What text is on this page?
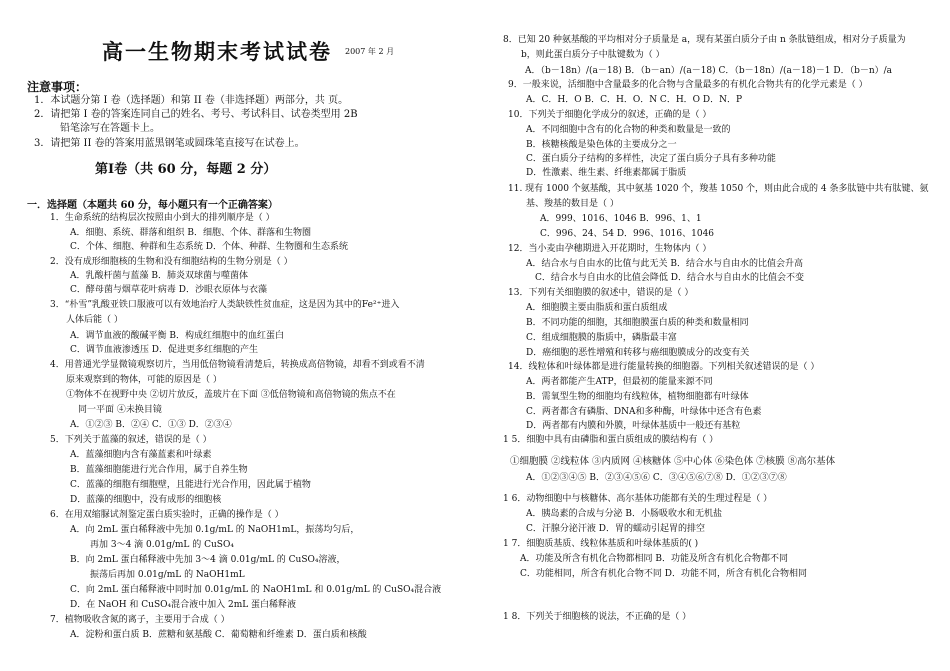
高一生物期末考试试卷 2007 年 2 月
注意事项：
1．本试题分第 I 卷（选择题）和第 II 卷（非选择题）两部分，共 页。
2．请把第 I 卷的答案连同自己的姓名、考号、考试科目、试卷类型用 2B
铅笔涂写在答题卡上。
3．请把第 II 卷的答案用蓝黑钢笔或圆珠笔直接写在试卷上。
第Ⅰ卷（共 60 分，每题 2 分）
一．选择题（本题共 60 分，每小题只有一个正确答案）
1．生命系统的结构层次按照由小到大的排列顺序是（ ）
A．细胞、系统、群落和组织 B．细胞、个体、群落和生物圈
C．个体、细胞、种群和生态系统 D．个体、种群、生物圈和生态系统
2．没有成形细胞核的生物和没有细胞结构的生物分别是（ ）
A．乳酸杆菌与蓝藻 B．肺炎双球菌与噬菌体
C．酵母菌与烟草花叶病毒 D．沙眼衣原体与衣藻
3．“朴雪”乳酸亚铁口服液可以有效地治疗人类缺铁性贫血症，这是因为其中的Fe²⁺进入
人体后能（ ）
A．调节血液的酸碱平衡 B．构成红细胞中的血红蛋白
C．调节血液渗透压 D．促进更多红细胞的产生
4．用普通光学显微镜观察切片，当用低倍物镜看清楚后，转换成高倍物镜，却看不到或看不清
原来观察到的物体，可能的原因是（ ）
①物体不在视野中央 ②切片放反，盖玻片在下面 ③低倍物镜和高倍物镜的焦点不在
同一平面 ④未换目镜
A．①②③ B．②④ C．①③ D．②③④
5．下列关于蓝藻的叙述，错误的是（ ）
A．蓝藻细胞内含有藻蓝素和叶绿素
B．蓝藻细胞能进行光合作用，属于自养生物
C．蓝藻的细胞有细胞壁，且能进行光合作用，因此属于植物
D．蓝藻的细胞中，没有成形的细胞核
6．在用双缩脲试剂鉴定蛋白质实验时，正确的操作是（ ）
A．向 2mL 蛋白稀释液中先加 0.1g/mL 的 NaOH1mL，振荡均匀后，
再加 3～4 滴 0.01g/mL 的 CuSO₄
B．向 2mL 蛋白稀释液中先加 3～4 滴 0.01g/mL 的 CuSO₄溶液，
振荡后再加 0.01g/mL 的 NaOH1mL
C．向 2mL 蛋白稀释液中同时加 0.01g/mL 的 NaOH1mL 和 0.01g/mL 的 CuSO₄混合液
D．在 NaOH 和 CuSO₄混合液中加入 2mL 蛋白稀释液
7．植物吸收含氮的离子，主要用于合成（ ）
A．淀粉和蛋白质 B．蔗糖和氨基酸 C．葡萄糖和纤维素 D．蛋白质和核酸
8．已知 20 种氨基酸的平均相对分子质量是 a，现有某蛋白质分子由 n 条肽链组成，相对分子质量为
b，则此蛋白质分子中肽键数为（ ）
A．（b－18n）/(a－18) B．（b－an）/(a－18) C．（b－18n）/(a－18)－1 D．（b－n）/a
9．一般来说，活细胞中含量最多的化合物与含量最多的有机化合物共有的化学元素是（ ）
A．C．H．O B．C．H．O．N C．H．O D．N．P
10．下列关于细胞化学成分的叙述，正确的是（ ）
A．不同细胞中含有的化合物的种类和数量是一致的
B．核糖核酸是染色体的主要成分之一
C．蛋白质分子结构的多样性，决定了蛋白质分子具有多种功能
D．性激素、维生素、纤维素都属于脂质
11. 现有 1000 个氨基酸，其中氨基 1020 个，羧基 1050 个，则由此合成的 4 条多肽链中共有肽键、氨
基、羧基的数目是（ ）
A．999、1016、1046 B．996、1、1
C．996、24、54 D．996、1016、1046
12．当小麦由孕穗期进入开花期时，生物体内（ ）
A．结合水与自由水的比值与此无关 B．结合水与自由水的比值会升高
C．结合水与自由水的比值会降低 D．结合水与自由水的比值会不变
13．下列有关细胞膜的叙述中，错误的是（ ）
A．细胞膜主要由脂质和蛋白质组成
B．不同功能的细胞，其细胞膜蛋白质的种类和数量相同
C．组成细胞膜的脂质中，磷脂最丰富
D．癌细胞的恶性增殖和转移与癌细胞膜成分的改变有关
14．线粒体和叶绿体都是进行能量转换的细胞器。下列相关叙述错误的是（ ）
A．两者都能产生ATP，但最初的能量来源不同
B．需氧型生物的细胞均有线粒体，植物细胞都有叶绿体
C．两者都含有磷脂、DNA和多种酶，叶绿体中还含有色素
D．两者都有内膜和外膜，叶绿体基质中一般还有基粒
1 5．细胞中具有由磷脂和蛋白质组成的膜结构有（ ）
①细胞膜 ②线粒体 ③内质网 ④核糖体 ⑤中心体 ⑥染色体 ⑦核膜 ⑧高尔基体
A．①②③④⑤ B．②③④⑤⑥ C．③④⑤⑥⑦⑧ D．①②③⑦⑧
1 6．动物细胞中与核糖体、高尔基体功能都有关的生理过程是（ ）
A．胰岛素的合成与分泌 B．小肠吸收水和无机盐
C．汗腺分泌汗液 D．胃的蠕动引起胃的排空
1 7．细胞质基质、线粒体基质和叶绿体基质的( )
A．功能及所含有机化合物都相同 B．功能及所含有机化合物都不同
C．功能相同，所含有机化合物不同 D．功能不同，所含有机化合物相同
1 8．下列关于细胞核的说法，不正确的是（ ）
